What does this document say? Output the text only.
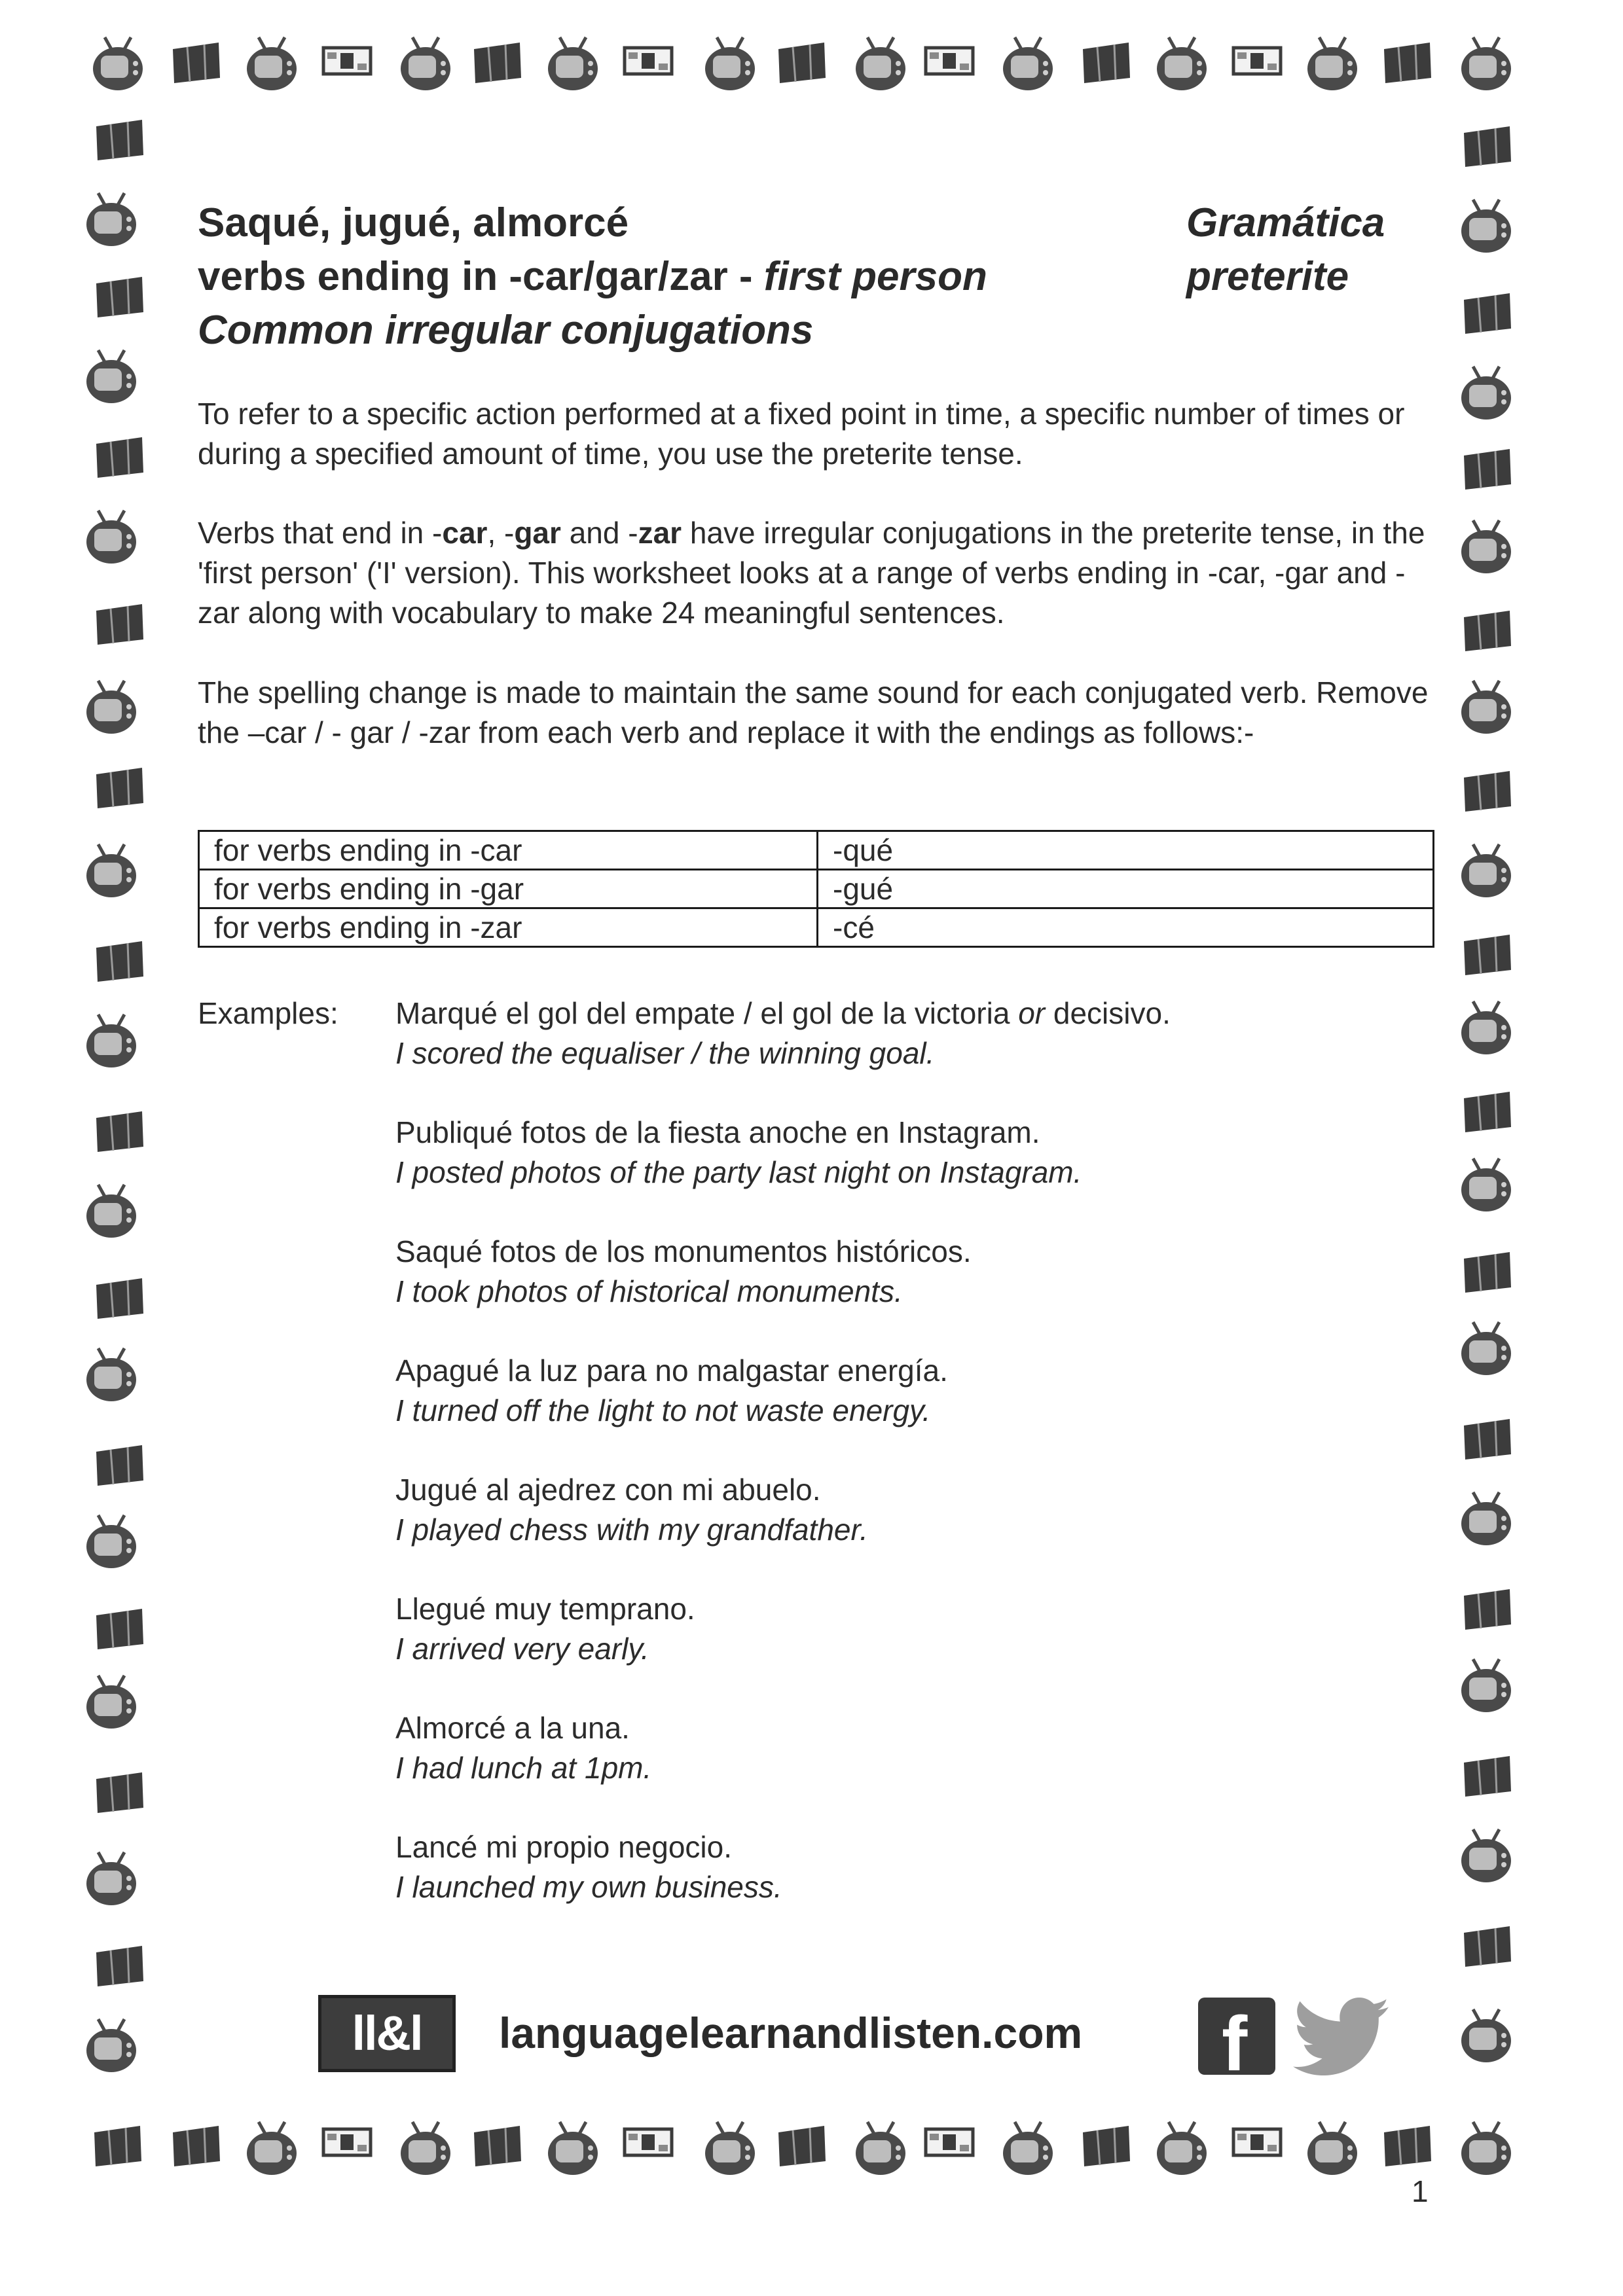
Saqué, jugué, almorcé
verbs ending in -car/gar/zar - first person
Common irregular conjugations
Gramática
preterite
To refer to a specific action performed at a fixed point in time, a specific number of times or during a specified amount of time, you use the preterite tense.
Verbs that end in -car, -gar and -zar have irregular conjugations in the preterite tense, in the 'first person' ('I' version). This worksheet looks at a range of verbs ending in -car, -gar and -zar along with vocabulary to make 24 meaningful sentences.
The spelling change is made to maintain the same sound for each conjugated verb. Remove the –car / - gar / -zar from each verb and replace it with the endings as follows:-
for verbs ending in -car	-qué
for verbs ending in -gar	-gué
for verbs ending in -zar	-cé
Examples: Marqué el gol del empate / el gol de la victoria or decisivo.
I scored the equaliser / the winning goal.
Publiqué fotos de la fiesta anoche en Instagram.
I posted photos of the party last night on Instagram.
Saqué fotos de los monumentos históricos.
I took photos of historical monuments.
Apagué la luz para no malgastar energía.
I turned off the light to not waste energy.
Jugué al ajedrez con mi abuelo.
I played chess with my grandfather.
Llegué muy temprano.
I arrived very early.
Almorcé a la una.
I had lunch at 1pm.
Lancé mi propio negocio.
I launched my own business.
ll&l	languagelearnandlisten.com f
1
